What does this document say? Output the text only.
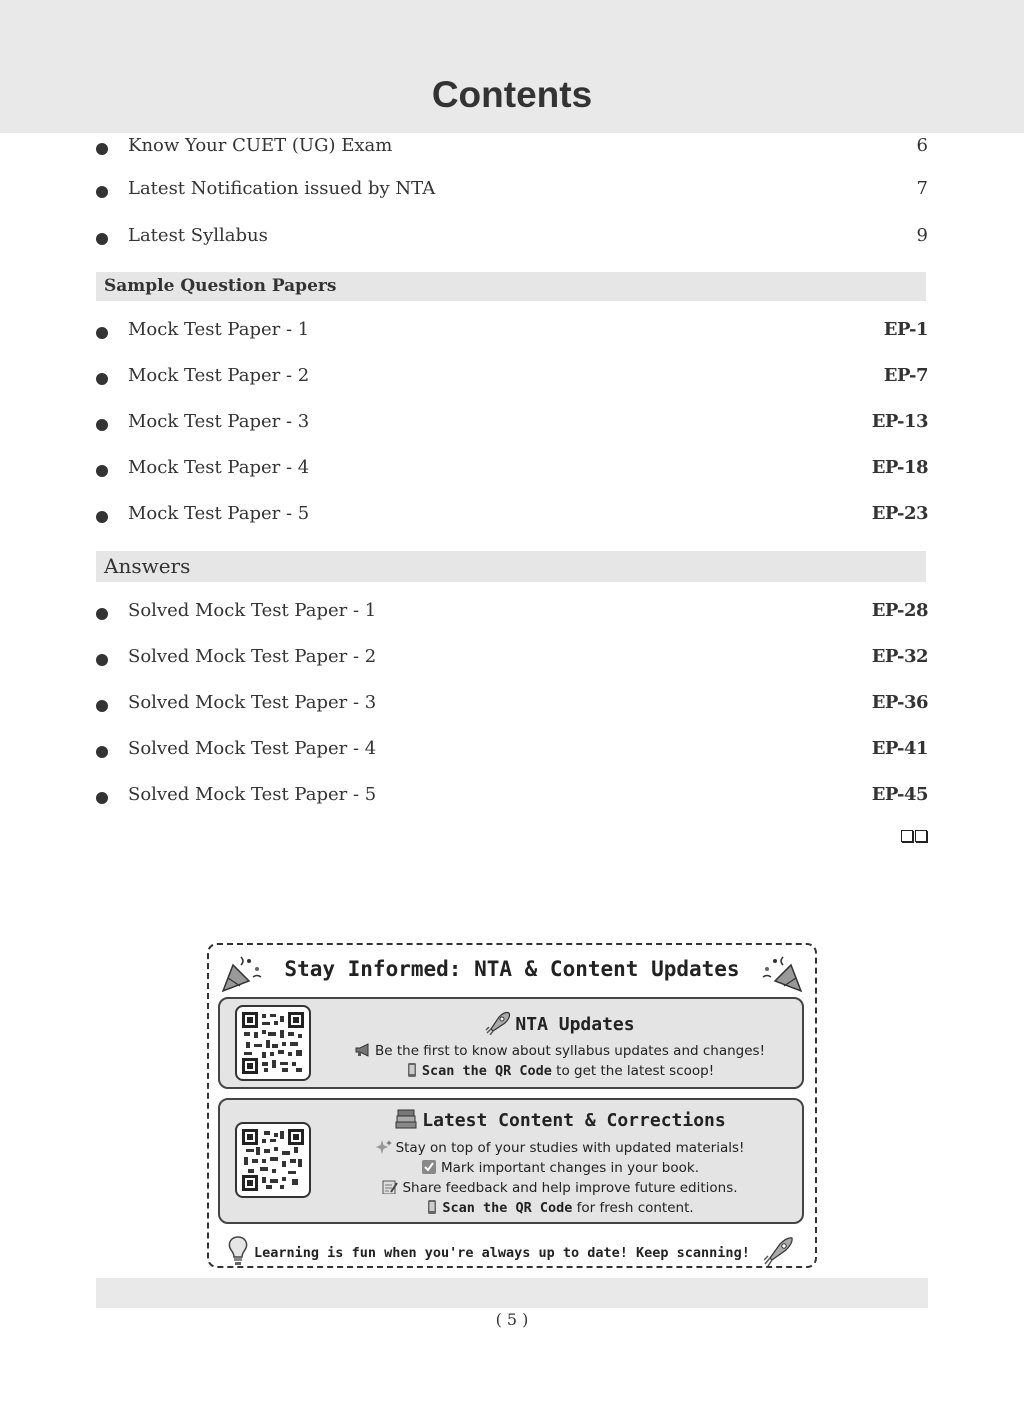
Contents
Know Your CUET (UG) Exam	6
Latest Notification issued by NTA	7
Latest Syllabus	9
Sample Question Papers
Mock Test Paper - 1	EP-1
Mock Test Paper - 2	EP-7
Mock Test Paper - 3	EP-13
Mock Test Paper - 4	EP-18
Mock Test Paper - 5	EP-23
Answers
Solved Mock Test Paper - 1	EP-28
Solved Mock Test Paper - 2	EP-32
Solved Mock Test Paper - 3	EP-36
Solved Mock Test Paper - 4	EP-41
Solved Mock Test Paper - 5	EP-45
Stay Informed: NTA & Content Updates
NTA Updates
Be the first to know about syllabus updates and changes!
Scan the QR Code to get the latest scoop!
Latest Content & Corrections
Stay on top of your studies with updated materials!
Mark important changes in your book.
Share feedback and help improve future editions.
Scan the QR Code for fresh content.
Learning is fun when you're always up to date! Keep scanning!
( 5 )
